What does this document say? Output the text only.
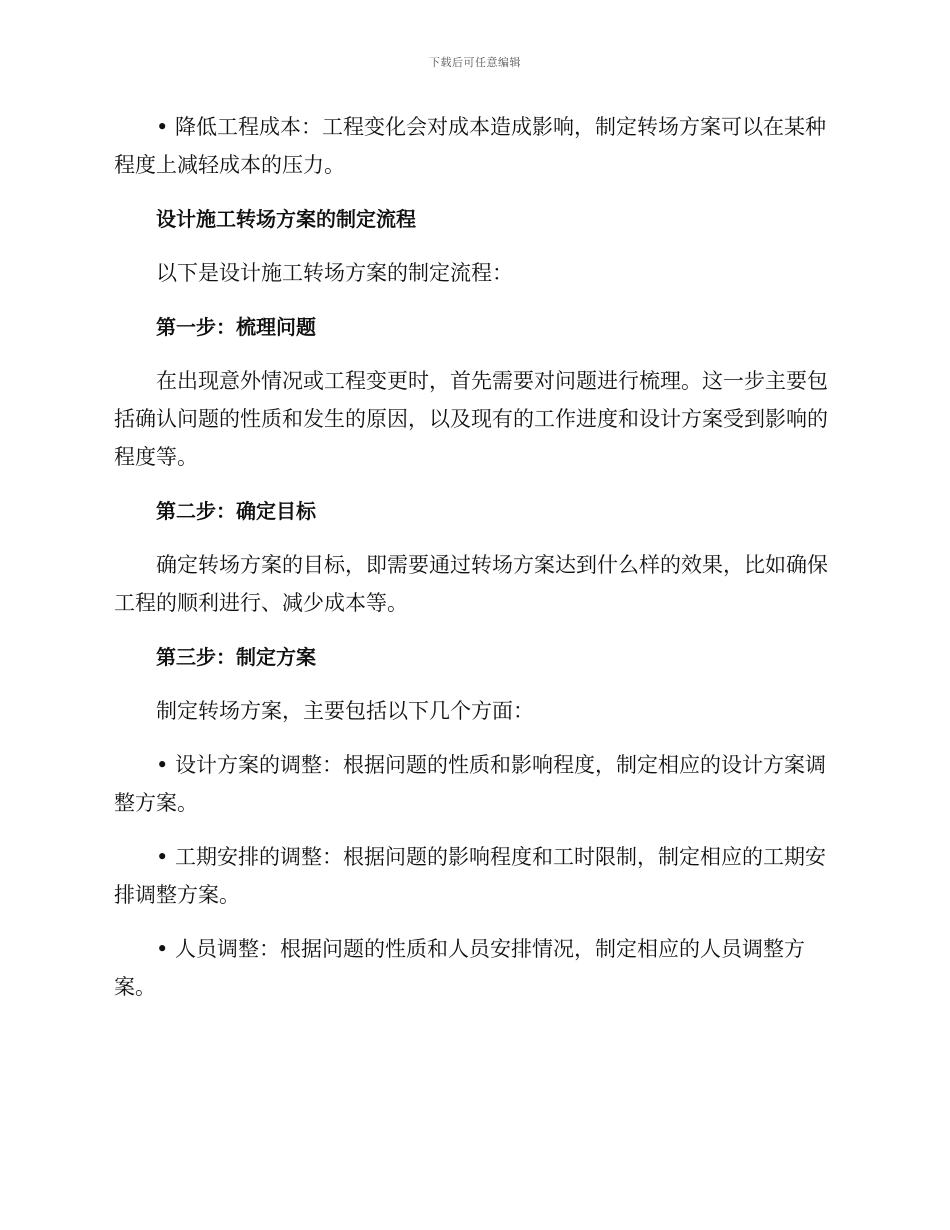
下载后可任意编辑

• 降低工程成本：工程变化会对成本造成影响，制定转场方案可以在某种程度上减轻成本的压力。

设计施工转场方案的制定流程

以下是设计施工转场方案的制定流程：

第一步：梳理问题

在出现意外情况或工程变更时，首先需要对问题进行梳理。这一步主要包括确认问题的性质和发生的原因，以及现有的工作进度和设计方案受到影响的程度等。

第二步：确定目标

确定转场方案的目标，即需要通过转场方案达到什么样的效果，比如确保工程的顺利进行、减少成本等。

第三步：制定方案

制定转场方案，主要包括以下几个方面：

• 设计方案的调整：根据问题的性质和影响程度，制定相应的设计方案调整方案。

• 工期安排的调整：根据问题的影响程度和工时限制，制定相应的工期安排调整方案。

• 人员调整：根据问题的性质和人员安排情况，制定相应的人员调整方案。
